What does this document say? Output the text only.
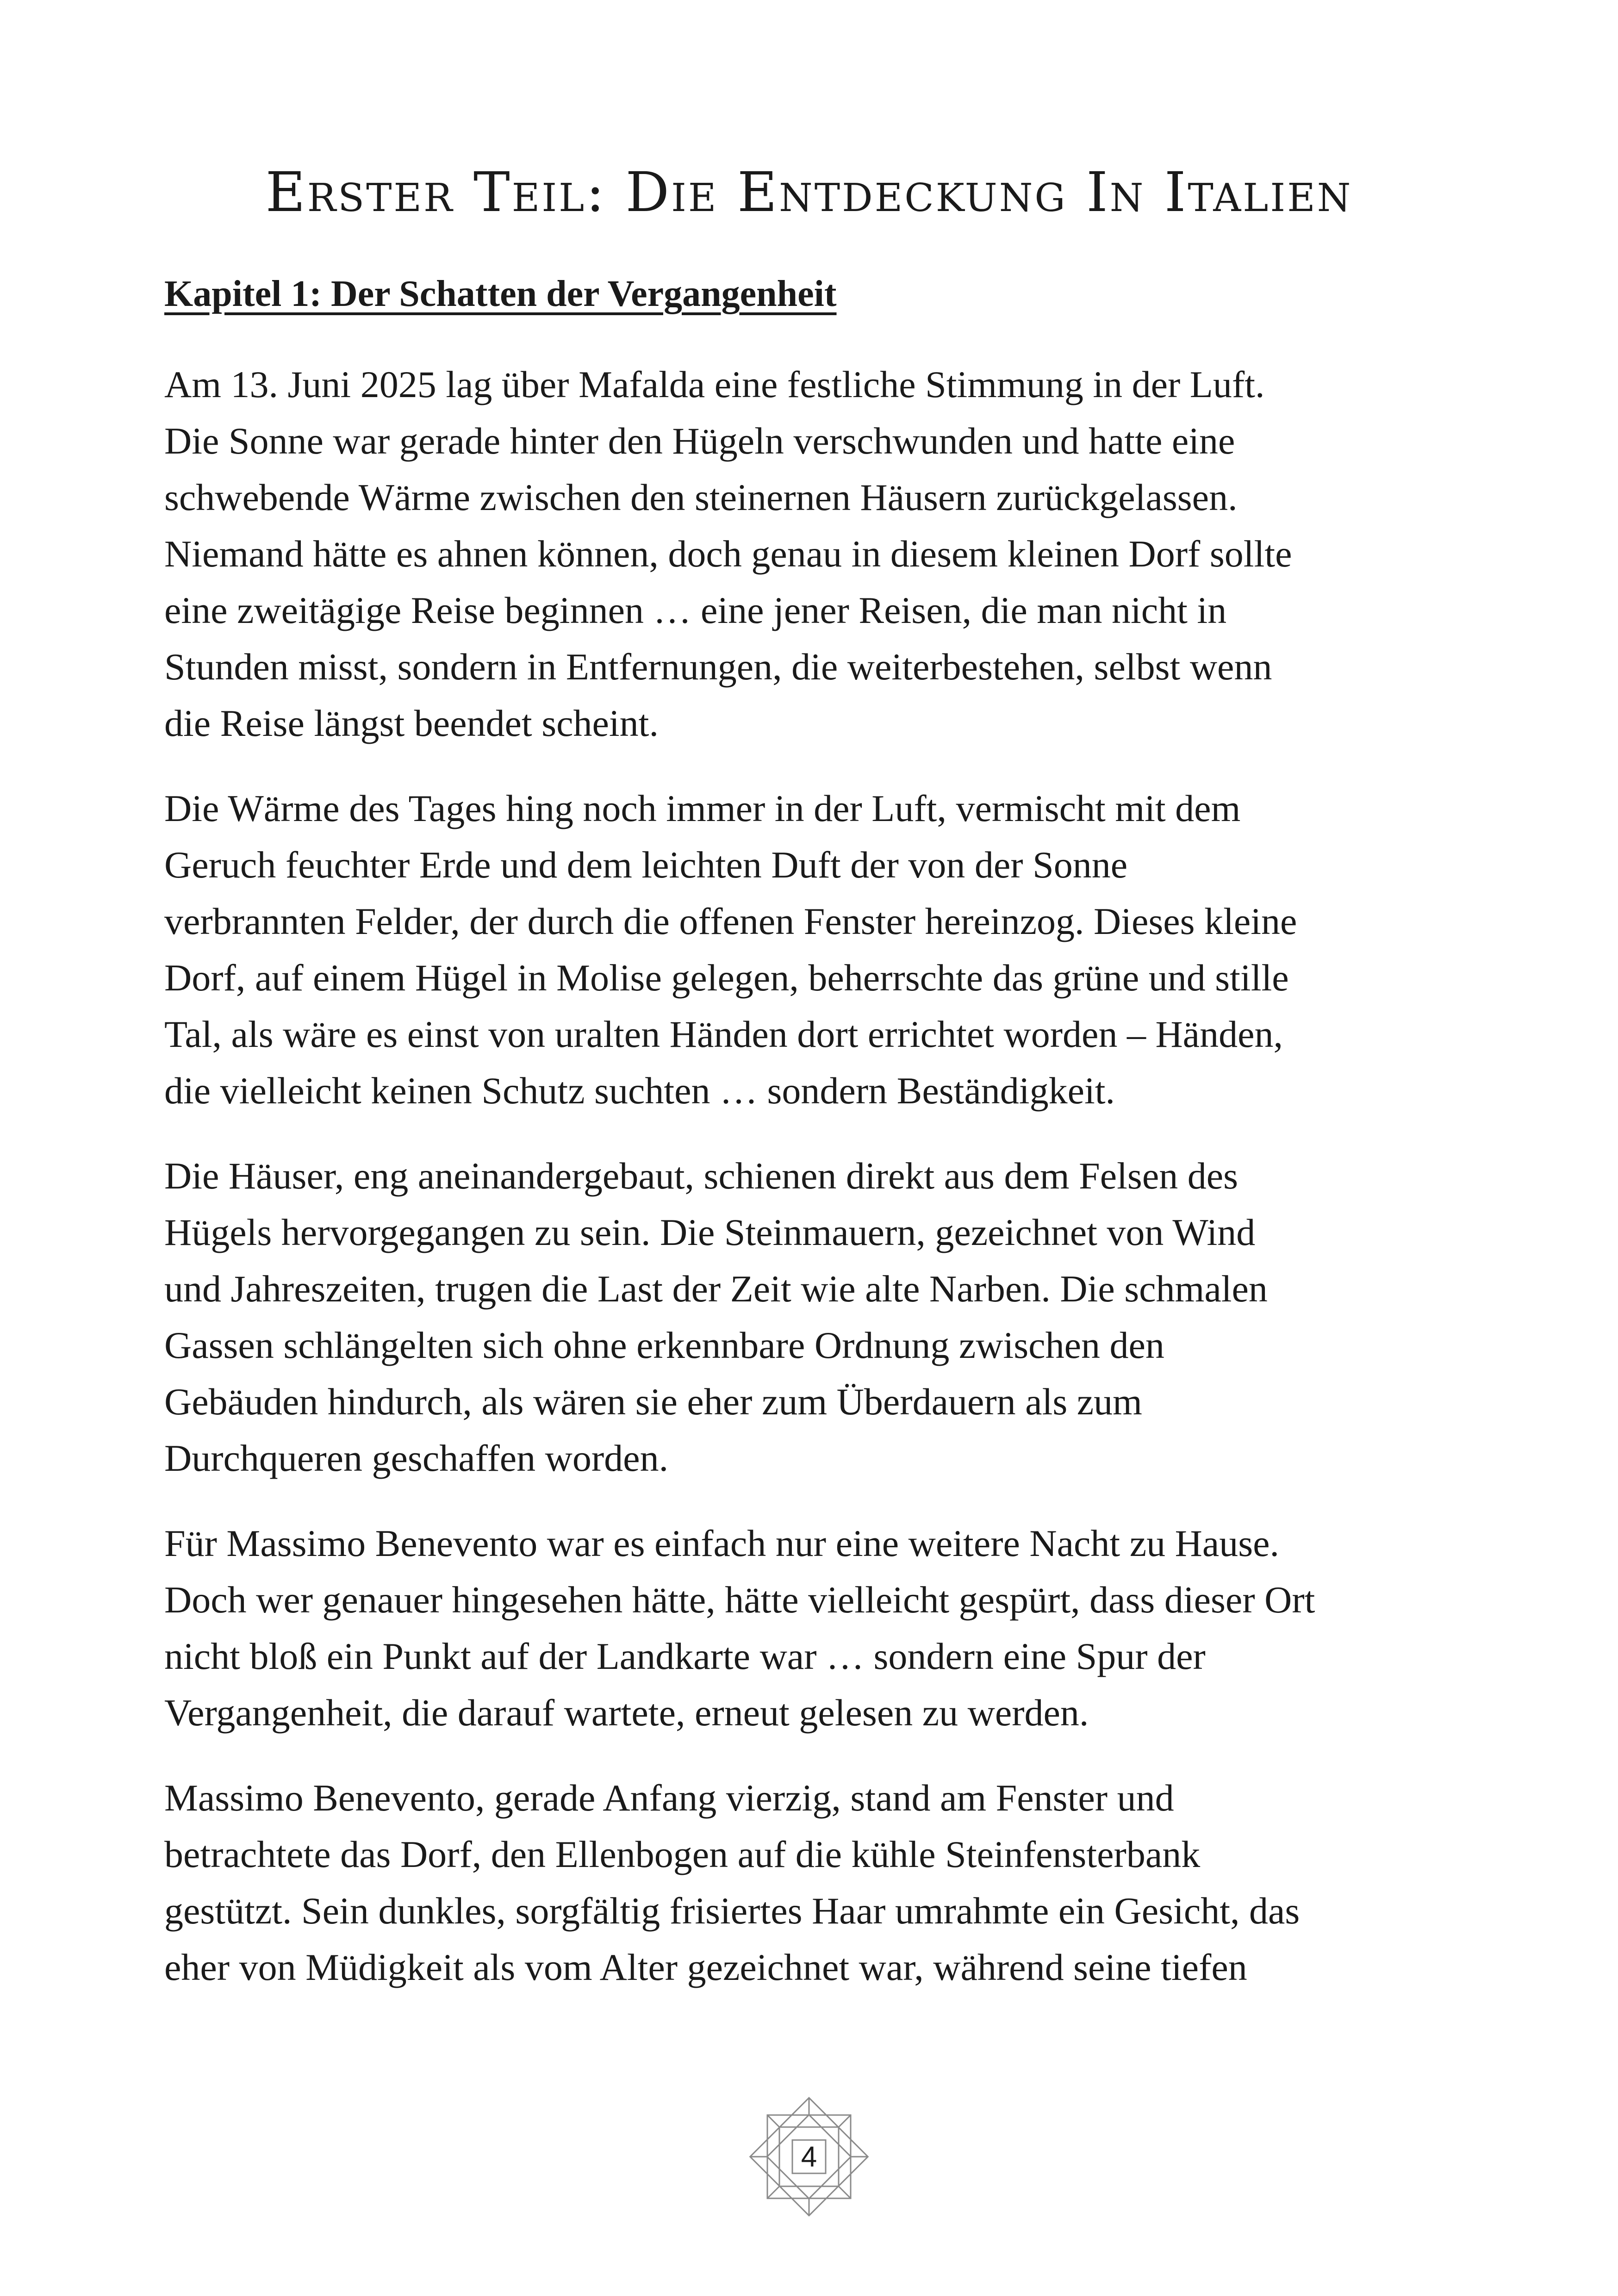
Erster Teil: Die Entdeckung In Italien
Kapitel 1: Der Schatten der Vergangenheit

Am 13. Juni 2025 lag über Mafalda eine festliche Stimmung in der Luft.
Die Sonne war gerade hinter den Hügeln verschwunden und hatte eine
schwebende Wärme zwischen den steinernen Häusern zurückgelassen.
Niemand hätte es ahnen können, doch genau in diesem kleinen Dorf sollte
eine zweitägige Reise beginnen … eine jener Reisen, die man nicht in
Stunden misst, sondern in Entfernungen, die weiterbestehen, selbst wenn
die Reise längst beendet scheint.

Die Wärme des Tages hing noch immer in der Luft, vermischt mit dem
Geruch feuchter Erde und dem leichten Duft der von der Sonne
verbrannten Felder, der durch die offenen Fenster hereinzog. Dieses kleine
Dorf, auf einem Hügel in Molise gelegen, beherrschte das grüne und stille
Tal, als wäre es einst von uralten Händen dort errichtet worden – Händen,
die vielleicht keinen Schutz suchten … sondern Beständigkeit.

Die Häuser, eng aneinandergebaut, schienen direkt aus dem Felsen des
Hügels hervorgegangen zu sein. Die Steinmauern, gezeichnet von Wind
und Jahreszeiten, trugen die Last der Zeit wie alte Narben. Die schmalen
Gassen schlängelten sich ohne erkennbare Ordnung zwischen den
Gebäuden hindurch, als wären sie eher zum Überdauern als zum
Durchqueren geschaffen worden.

Für Massimo Benevento war es einfach nur eine weitere Nacht zu Hause.
Doch wer genauer hingesehen hätte, hätte vielleicht gespürt, dass dieser Ort
nicht bloß ein Punkt auf der Landkarte war … sondern eine Spur der
Vergangenheit, die darauf wartete, erneut gelesen zu werden.

Massimo Benevento, gerade Anfang vierzig, stand am Fenster und
betrachtete das Dorf, den Ellenbogen auf die kühle Steinfensterbank
gestützt. Sein dunkles, sorgfältig frisiertes Haar umrahmte ein Gesicht, das
eher von Müdigkeit als vom Alter gezeichnet war, während seine tiefen

4
